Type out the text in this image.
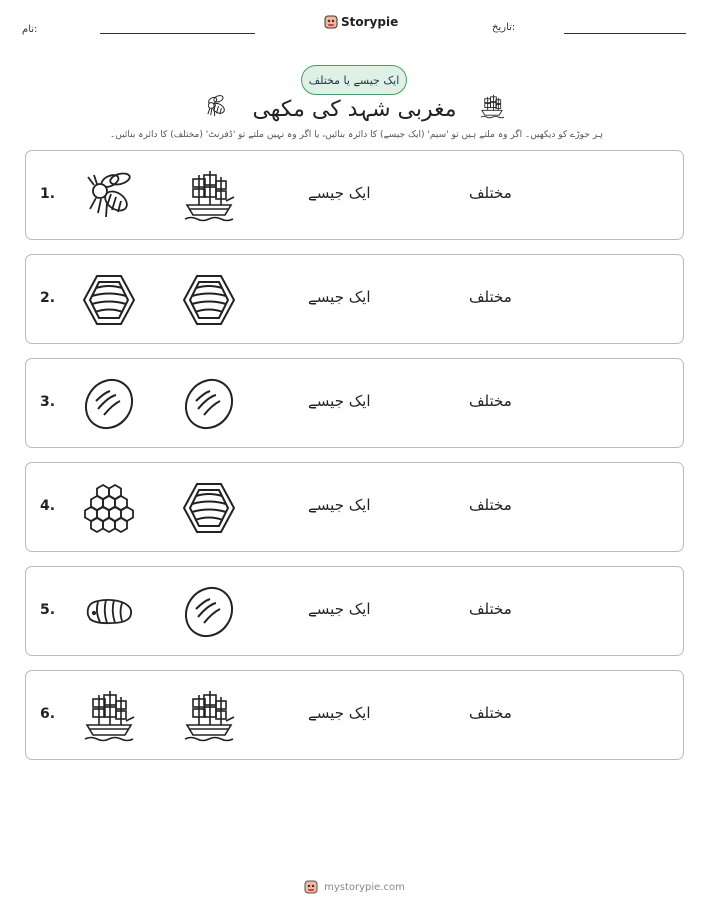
نام:
Storypie	تاریخ:
ایک جیسے یا مختلف
مغربی شہد کی مکھی
ہر جوڑے کو دیکھیں۔ اگر وہ ملتے ہیں تو 'سیم' (ایک جیسے) کا دائرہ بنائیں، یا اگر وہ نہیں ملتے تو 'ڈفرنٹ' (مختلف) کا دائرہ بنائیں۔
1.	ایک جیسے	مختلف
2.	ایک جیسے	مختلف
3.	ایک جیسے	مختلف
4.	ایک جیسے	مختلف
5.	ایک جیسے	مختلف
6.	ایک جیسے	مختلف
mystorypie.com
